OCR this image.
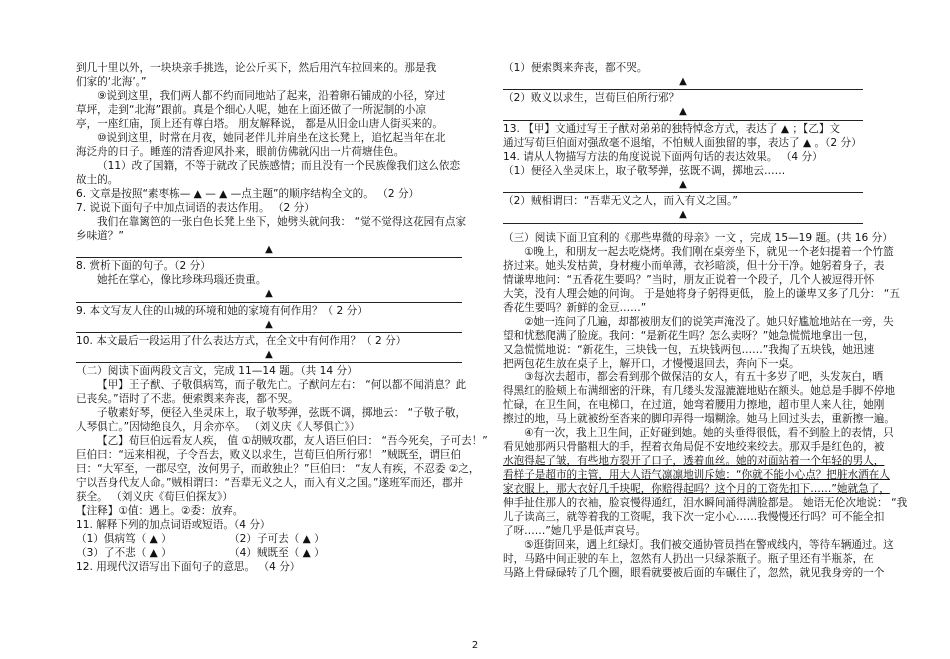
到几十里以外，一块块亲手挑选，论公斤买下，然后用汽车拉回来的。那是我
们家的‘北海’。”
⑨说到这里，我们两人都不约而同地站了起来，沿着卵石铺成的小径，穿过
草坪，走到“北海”跟前。真是个细心人呢，她在上面还做了一所泥制的小凉
亭，一座红庙，顶上还有尊白塔。 朋友解释说， 都是从旧金山唐人街买来的。
⑩说到这里，时常在月夜，她同老伴儿并肩坐在这长凳上，追忆起当年在北
海泛舟的日子。睡莲的清香迎风扑来，眼前仿佛就闪出一片荷塘佳色。
（11）改了国籍，不等于就改了民族感情；而且没有一个民族像我们这么依恋
故土的。
6. 文章是按照“素枣栋— ▲ — ▲ —点主题”的顺序结构全文的。 （2 分）
7. 说说下面句子中加点词语的表达作用。 （2 分）
我们在靠篱笆的一张白色长凳上坐下，她劈头就问我： “觉不觉得这花园有点家
乡味道？”
▲
8. 赏析下面的句子。（2 分）
她托在掌心，像比珍珠玛瑙还贵重。
▲
9. 本文写友人住的山城的环境和她的家境有何作用？（ 2 分）
▲
10. 本文最后一段运用了什么表达方式，在全文中有何作用？（ 2 分）
▲
（二）阅读下面两段文言文，完成 11—14 题。（共 14 分）
【甲】王子猷、子敬俱病笃，而子敬先亡。子猷问左右： “何以都不闻消息？此
已丧矣。”语时了不悲。便索舆来奔丧，都不哭。
子敬素好琴，便径入坐灵床上，取子敬琴弹，弦既不调，掷地云： “子敬子敬，
人琴俱亡。”因恸绝良久，月余亦卒。 （刘义庆《人琴俱亡》）
【乙】荀巨伯远看友人疾， 值 ①胡贼攻郡，友人语巨伯曰： “吾今死矣，子可去！”
巨伯曰：“远来相视，子令吾去，败义以求生，岂荀巨伯所行邪！ ”贼既至，谓巨伯
曰：“大军至，一郡尽空，汝何男子，而敢独止？”巨伯曰： “友人有疾，不忍委 ②之，
宁以吾身代友人命。”贼相谓曰：“吾辈无义之人，而入有义之国。”遂班军而还，郡并
获全。 （刘义庆《荀巨伯探友》）
【注释】①值：遇上。②委：放弃。
11. 解释下列的加点词语或短语。（4 分）
（1）俱病笃（ ▲ ）	（2）子可去（ ▲ ）
（3）了不悲（ ▲ ）	（4）贼既至（ ▲ ）
12. 用现代汉语写出下面句子的意思。 （4 分）
（1）便索舆来奔丧，都不哭。
▲
（2）败义以求生，岂荀巨伯所行邪？
▲
13. 【甲】文通过写王子猷对弟弟的独特悼念方式，表达了 ▲ ；【乙】文
通过写荀巨伯面对强敌毫不退缩，不怕贼人面独留的事，表达了 ▲ 。（2 分）
14. 请从人物描写方法的角度说说下面两句话的表达效果。 （4 分）
（1）便径入坐灵床上，取子敬琴弹，弦既不调，掷地云……
▲
（2）贼相谓曰：“吾辈无义之人，而入有义之国。”
▲
（三）阅读下面卫宜利的《那些卑微的母亲》一文 ，完成 15—19 题。(共 16 分）
①晚上，和朋友一起去吃烧烤。我们刚在桌旁坐下，就见一个老妇提着一个竹篮
挤过来。她头发枯黄，身材瘦小而单薄，衣衫暗淡，但十分干净。她躬着身子，表
情谦卑地问：“五香花生要吗？”当时，朋友正说着一个段子，几个人被逗得开怀
大笑，没有人理会她的问询。 于是她将身子躬得更低， 脸上的谦卑又多了几分： “五
香花生要吗？新鲜的金豆……”
②她一连问了几遍，却都被朋友们的说笑声淹没了。她只好尴尬地站在一旁，失
望和忧愁爬满了脸庞。我问：“是新花生吗？怎么卖呀？”她急慌慌地拿出一包，
又急慌慌地说：“新花生，三块钱一包，五块钱两包……”我掏了五块钱，她迅速
把两包花生放在桌子上，解开口，才慢慢退回去，奔向下一桌。
③每次去超市，都会看到那个做保洁的女人，有五十多岁了吧，头发灰白，晒
得黑红的脸颊上布满细密的汗珠，有几缕头发湿漉漉地贴在额头。她总是手脚不停地
忙碌，在卫生间，在电梯口，在过道，她弯着腰用力擦地，超市里人来人往，她刚
擦过的地，马上就被纷至沓来的脚印弄得一塌糊涂。她马上回过头去，重新擦一遍。
④有一次，我上卫生间，正好碰到她。她的头垂得很低，看不到脸上的表情，只
看见她那两只骨骼粗大的手，捏着衣角局促不安地绞来绞去。那双手是红色的，被
水泡得起了皱，有些地方裂开了口子，透着血丝。她的对面站着一个年轻的男人，
看样子是超市的主管，用大人语气凛凛地训斥她：“你就不能小心点？把脏水洒在人
家衣服上，那大衣好几千块呢，你赔得起吗？这个月的工资先扣下……”她就急了，
伸手扯住那人的衣袖，脸哀慢得通红，泪水瞬间涌得满脸都是。 她语无伦次地说： “我
儿子读高三，就等着我的工资呢，我下次一定小心……我慢慢还行吗？可不能全扣
了呀……”她几乎是低声哀号。
⑤逛街回来，遇上红绿灯。我们被交通协管员挡在警戒线内，等待车辆通过。这
时，马路中间正驶的车上，忽然有人扔出一只绿茶瓶子。瓶子里还有半瓶茶，在
马路上骨碌碌转了几个圈，眼看就要被后面的车碾住了，忽然，就见我身旁的一个
2
